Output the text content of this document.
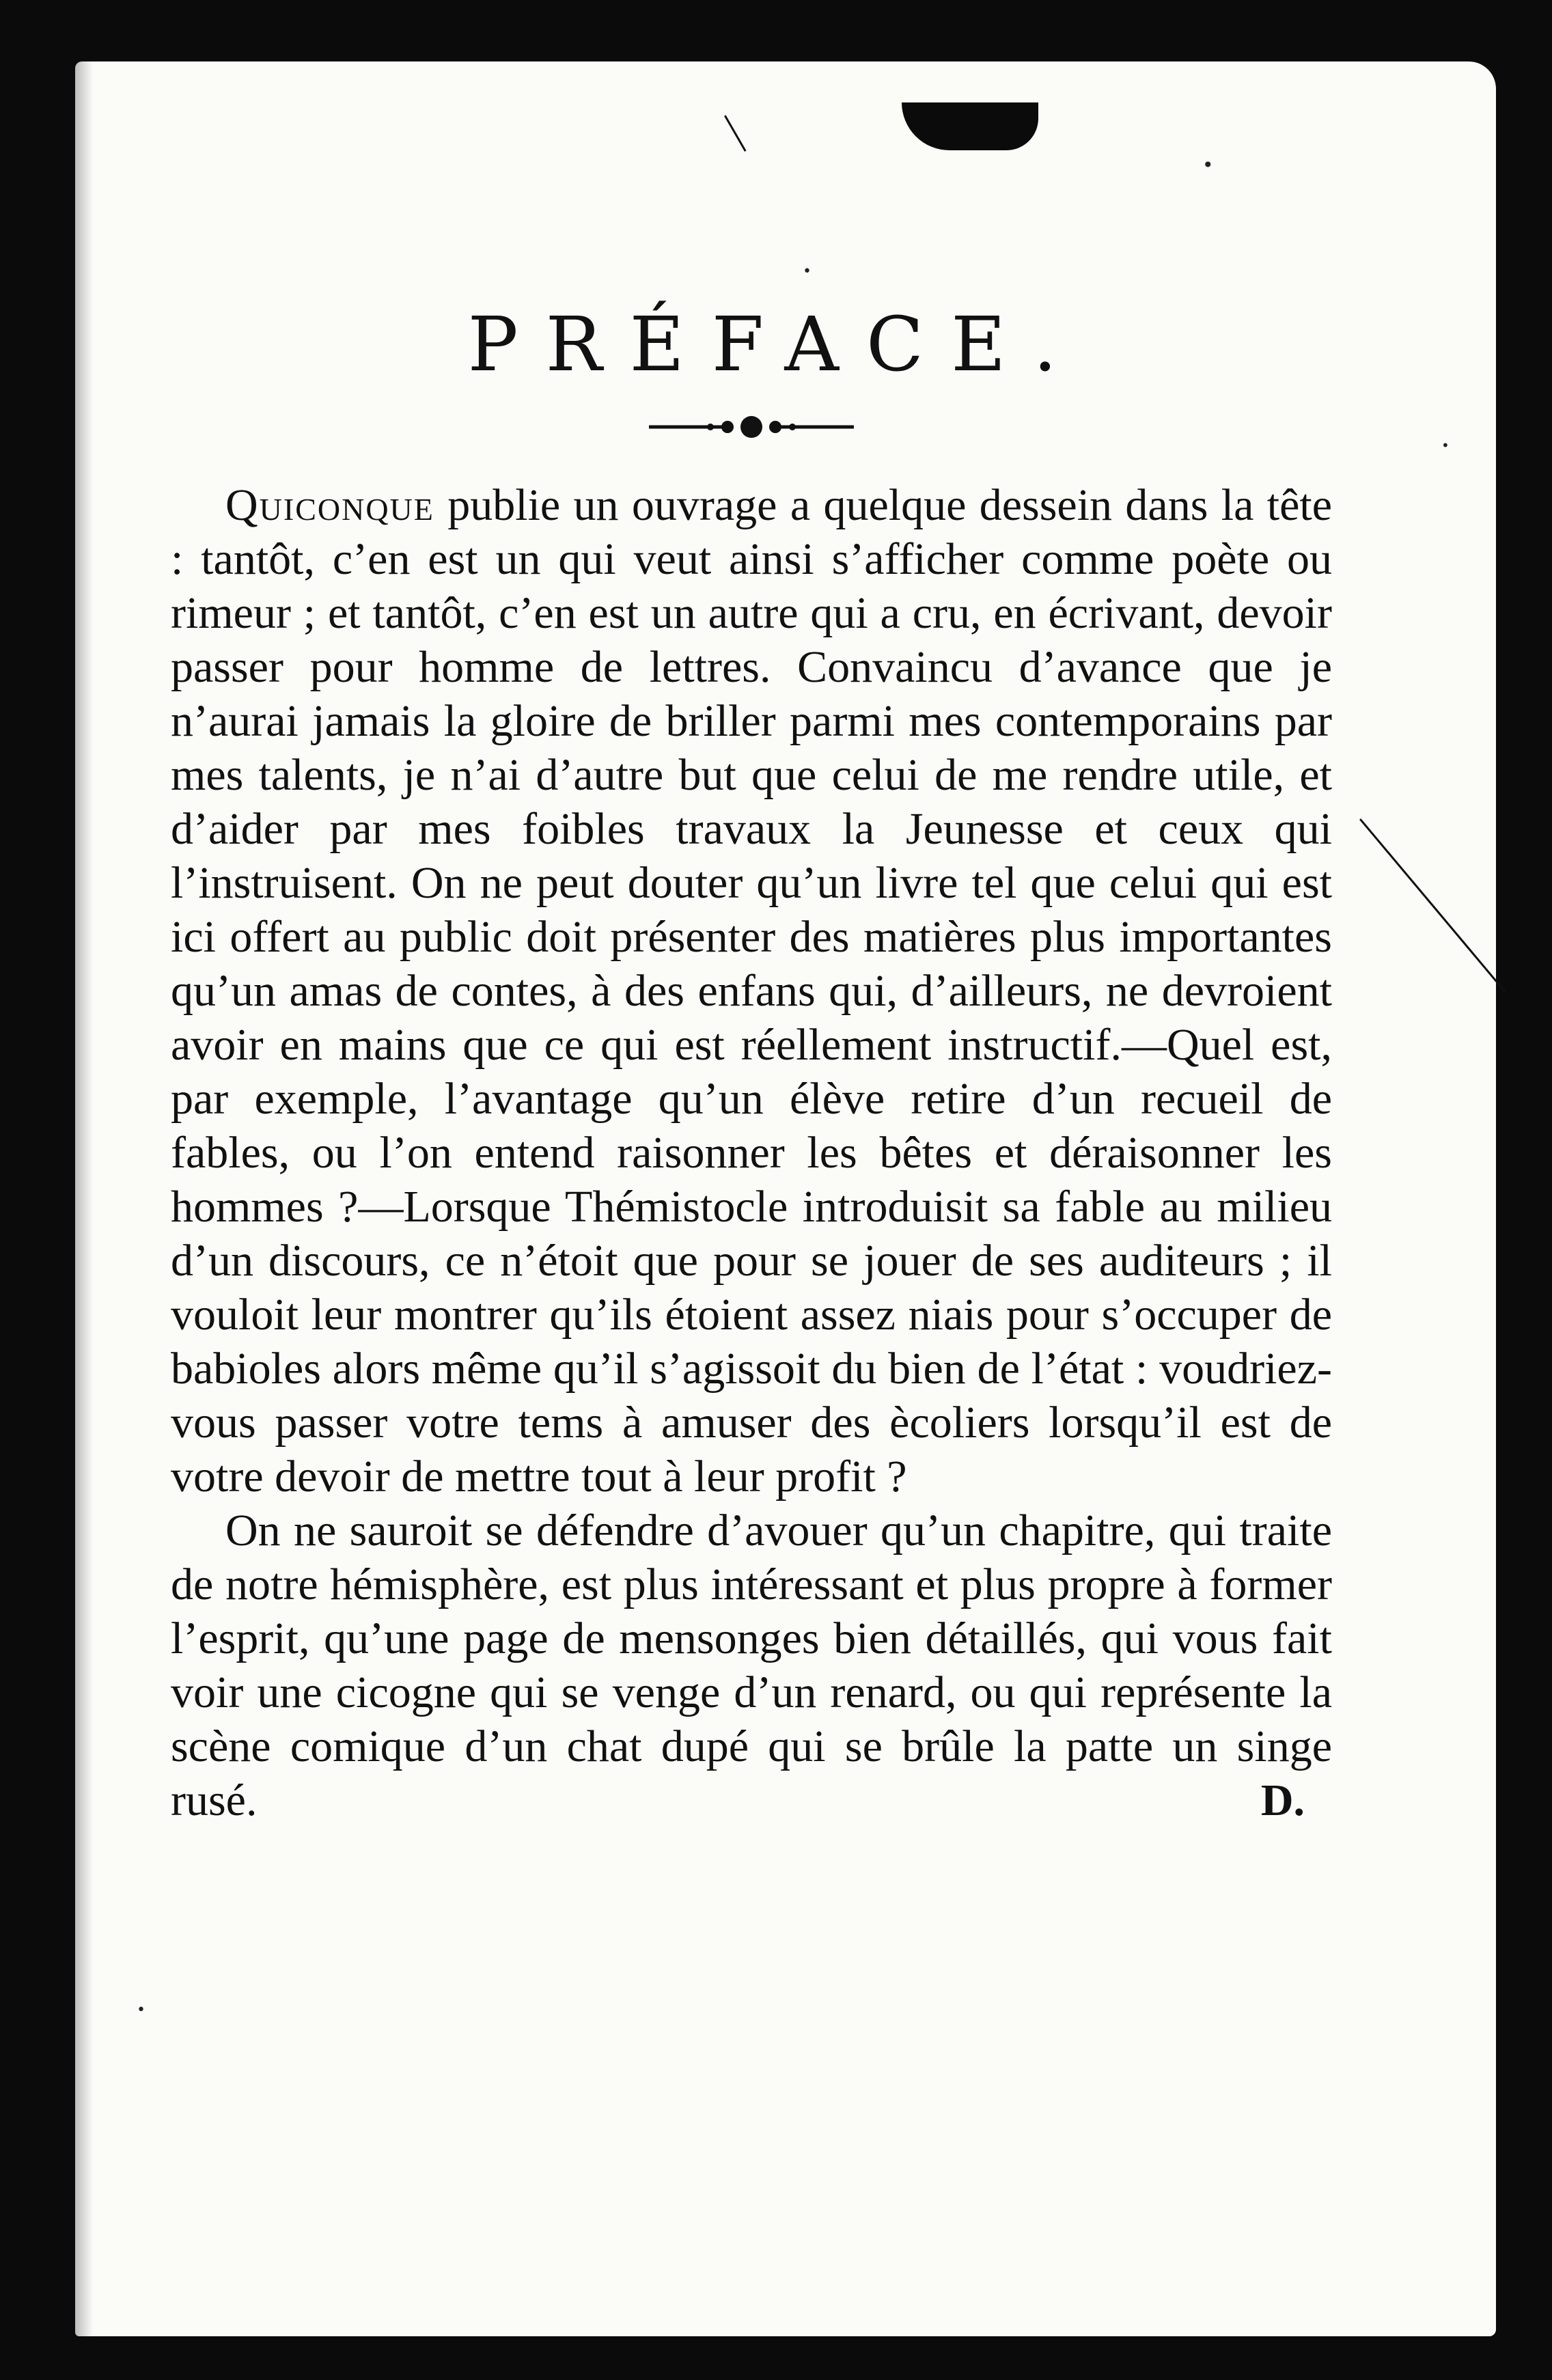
PRÉFACE.

Quiconque publie un ouvrage a quelque dessein dans la tête : tantôt, c’en est un qui veut ainsi s’afficher comme poète ou rimeur ; et tantôt, c’en est un autre qui a cru, en écrivant, devoir passer pour homme de lettres. Convaincu d’avance que je n’aurai jamais la gloire de briller parmi mes contemporains par mes talents, je n’ai d’autre but que celui de me rendre utile, et d’aider par mes foibles travaux la Jeunesse et ceux qui l’instruisent. On ne peut douter qu’un livre tel que celui qui est ici offert au public doit présenter des matières plus importantes qu’un amas de contes, à des enfans qui, d’ailleurs, ne devroient avoir en mains que ce qui est réellement instructif.—Quel est, par exemple, l’avantage qu’un élève retire d’un recueil de fables, ou l’on entend raisonner les bêtes et déraisonner les hommes ?—Lorsque Thémistocle introduisit sa fable au milieu d’un discours, ce n’étoit que pour se jouer de ses auditeurs ; il vouloit leur montrer qu’ils étoient assez niais pour s’occuper de babioles alors même qu’il s’agissoit du bien de l’état : voudriez-vous passer votre tems à amuser des ècoliers lorsqu’il est de votre devoir de mettre tout à leur profit ?

On ne sauroit se défendre d’avouer qu’un chapitre, qui traite de notre hémisphère, est plus intéressant et plus propre à former l’esprit, qu’une page de mensonges bien détaillés, qui vous fait voir une cicogne qui se venge d’un renard, ou qui représente la scène comique d’un chat dupé qui se brûle la patte un singe rusé.	D.

•
•
•
•
